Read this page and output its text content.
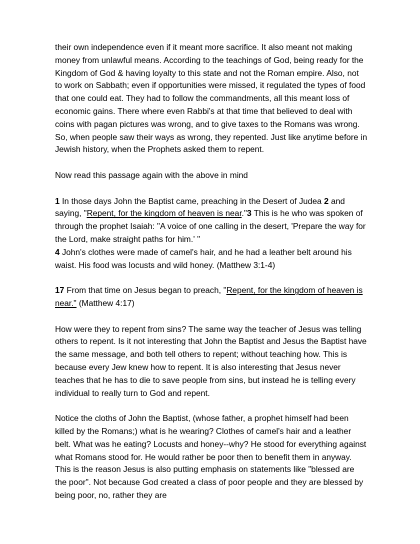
their own independence even if it meant more sacrifice. It also meant not making money from unlawful means. According to the teachings of God, being ready for the Kingdom of God & having loyalty to this state and not the Roman empire. Also, not to work on Sabbath; even if opportunities were missed, it regulated the types of food that one could eat. They had to follow the commandments, all this meant loss of economic gains. There where even Rabbi's at that time that believed to deal with coins with pagan pictures was wrong, and to give taxes to the Romans was wrong. So, when people saw their ways as wrong, they repented. Just like anytime before in Jewish history, when the Prophets asked them to repent.

Now read this passage again with the above in mind

1 In those days John the Baptist came, preaching in the Desert of Judea 2 and saying, "Repent, for the kingdom of heaven is near."3 This is he who was spoken of through the prophet Isaiah: "A voice of one calling in the desert, 'Prepare the way for the Lord, make straight paths for him.' "
4 John's clothes were made of camel's hair, and he had a leather belt around his waist. His food was locusts and wild honey. (Matthew 3:1-4)

17 From that time on Jesus began to preach, "Repent, for the kingdom of heaven is near." (Matthew 4:17)

How were they to repent from sins? The same way the teacher of Jesus was telling others to repent. Is it not interesting that John the Baptist and Jesus the Baptist have the same message, and both tell others to repent; without teaching how. This is because every Jew knew how to repent. It is also interesting that Jesus never teaches that he has to die to save people from sins, but instead he is telling every individual to really turn to God and repent.

Notice the cloths of John the Baptist, (whose father, a prophet himself had been killed by the Romans;) what is he wearing? Clothes of camel's hair and a leather belt. What was he eating? Locusts and honey--why? He stood for everything against what Romans stood for. He would rather be poor then to benefit them in anyway. This is the reason Jesus is also putting emphasis on statements like "blessed are the poor". Not because God created a class of poor people and they are blessed by being poor, no, rather they are
